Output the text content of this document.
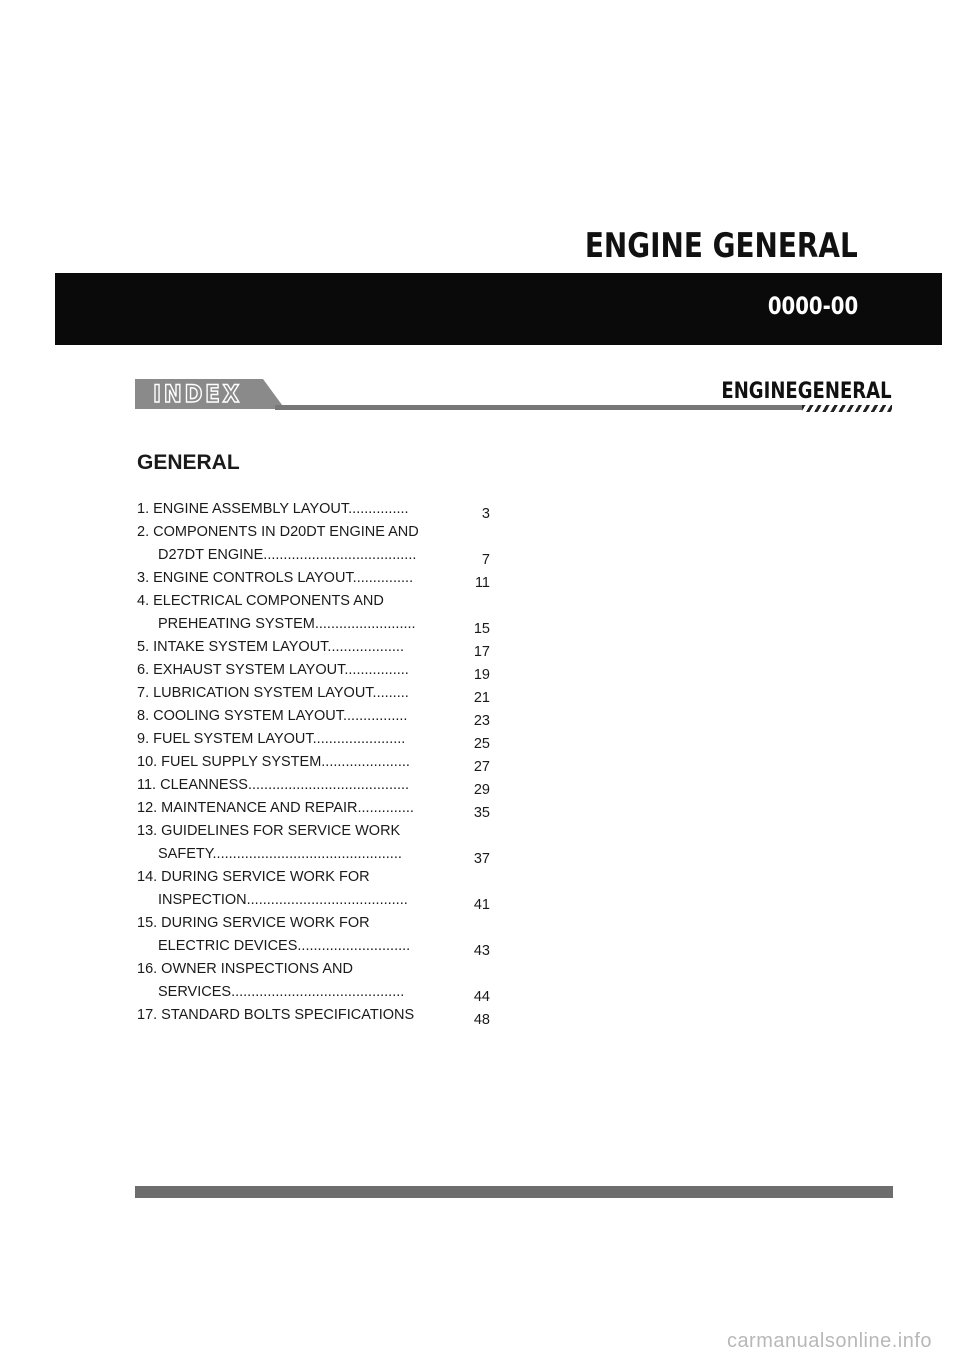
ENGINE GENERAL
0000-00
INDEX	ENGINEGENERAL
GENERAL
1. ENGINE ASSEMBLY LAYOUT...............	3
2. COMPONENTS IN D20DT ENGINE AND
D27DT ENGINE......................................	7
3. ENGINE CONTROLS LAYOUT...............	11
4. ELECTRICAL COMPONENTS AND
PREHEATING SYSTEM.........................	15
5. INTAKE SYSTEM LAYOUT...................	17
6. EXHAUST SYSTEM LAYOUT................	19
7. LUBRICATION SYSTEM LAYOUT.........	21
8. COOLING SYSTEM LAYOUT................	23
9. FUEL SYSTEM LAYOUT.......................	25
10. FUEL SUPPLY SYSTEM......................	27
11. CLEANNESS........................................	29
12. MAINTENANCE AND REPAIR..............	35
13. GUIDELINES FOR SERVICE WORK
SAFETY...............................................	37
14. DURING SERVICE WORK FOR
INSPECTION........................................	41
15. DURING SERVICE WORK FOR
ELECTRIC DEVICES............................	43
16. OWNER INSPECTIONS AND
SERVICES...........................................	44
17. STANDARD BOLTS SPECIFICATIONS	48
carmanualsonline.info
